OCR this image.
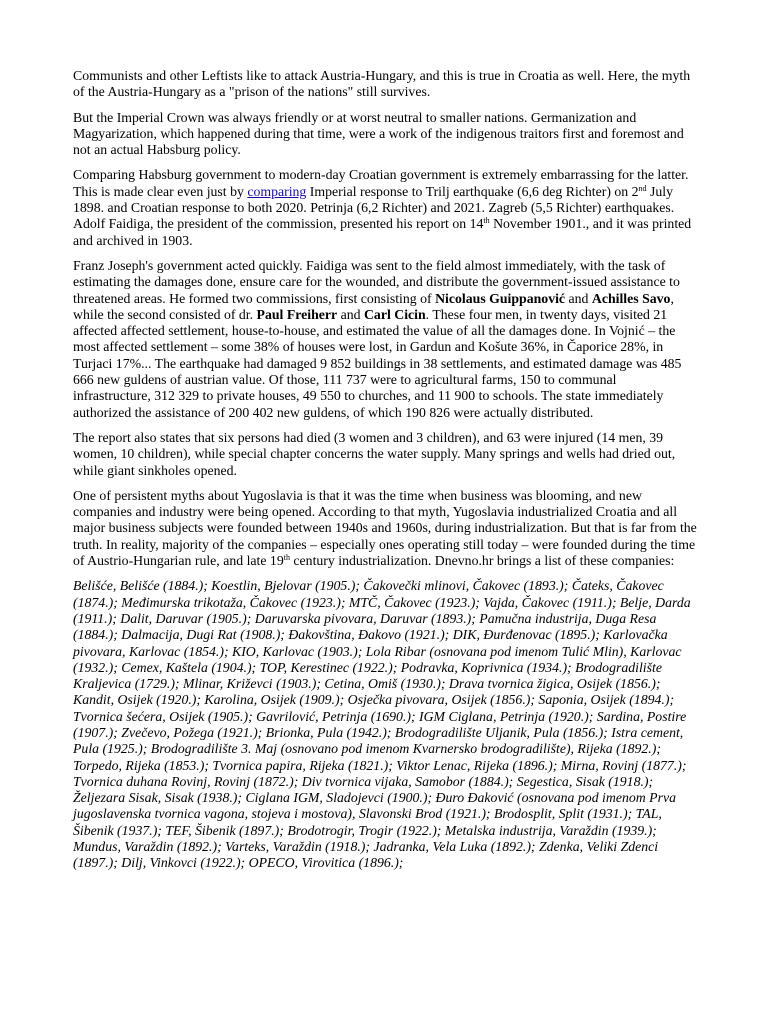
Communists and other Leftists like to attack Austria-Hungary, and this is true in Croatia as well. Here, the myth of the Austria-Hungary as a "prison of the nations" still survives.

But the Imperial Crown was always friendly or at worst neutral to smaller nations. Germanization and Magyarization, which happened during that time, were a work of the indigenous traitors first and foremost and not an actual Habsburg policy.

Comparing Habsburg government to modern-day Croatian government is extremely embarrassing for the latter. This is made clear even just by comparing Imperial response to Trilj earthquake (6,6 deg Richter) on 2nd July 1898. and Croatian response to both 2020. Petrinja (6,2 Richter) and 2021. Zagreb (5,5 Richter) earthquakes. Adolf Faidiga, the president of the commission, presented his report on 14th November 1901., and it was printed and archived in 1903.

Franz Joseph's government acted quickly. Faidiga was sent to the field almost immediately, with the task of estimating the damages done, ensure care for the wounded, and distribute the government-issued assistance to threatened areas. He formed two commissions, first consisting of Nicolaus Guippanović and Achilles Savo, while the second consisted of dr. Paul Freiherr and Carl Cicin. These four men, in twenty days, visited 21 affected affected settlement, house-to-house, and estimated the value of all the damages done. In Vojnić – the most affected settlement – some 38% of houses were lost, in Gardun and Košute 36%, in Čaporice 28%, in Turjaci 17%... The earthquake had damaged 9 852 buildings in 38 settlements, and estimated damage was 485 666 new guldens of austrian value. Of those, 111 737 were to agricultural farms, 150 to communal infrastructure, 312 329 to private houses, 49 550 to churches, and 11 900 to schools. The state immediately authorized the assistance of 200 402 new guldens, of which 190 826 were actually distributed.

The report also states that six persons had died (3 women and 3 children), and 63 were injured (14 men, 39 women, 10 children), while special chapter concerns the water supply. Many springs and wells had dried out, while giant sinkholes opened.

One of persistent myths about Yugoslavia is that it was the time when business was blooming, and new companies and industry were being opened. According to that myth, Yugoslavia industrialized Croatia and all major business subjects were founded between 1940s and 1960s, during industrialization. But that is far from the truth. In reality, majority of the companies – especially ones operating still today – were founded during the time of Austrio-Hungarian rule, and late 19th century industrialization. Dnevno.hr brings a list of these companies:

Belišće, Belišće (1884.); Koestlin, Bjelovar (1905.); Čakovečki mlinovi, Čakovec (1893.); Čateks, Čakovec (1874.); Međimurska trikotaža, Čakovec (1923.); MTČ, Čakovec (1923.); Vajda, Čakovec (1911.); Belje, Darda (1911.); Dalit, Daruvar (1905.); Daruvarska pivovara, Daruvar (1893.); Pamučna industrija, Duga Resa (1884.); Dalmacija, Dugi Rat (1908.); Đakovština, Đakovo (1921.); DIK, Đurđenovac (1895.); Karlovačka pivovara, Karlovac (1854.); KIO, Karlovac (1903.); Lola Ribar (osnovana pod imenom Tulić Mlin), Karlovac (1932.); Cemex, Kaštela (1904.); TOP, Kerestinec (1922.); Podravka, Koprivnica (1934.); Brodogradilište Kraljevica (1729.); Mlinar, Križevci (1903.); Cetina, Omiš (1930.); Drava tvornica žigica, Osijek (1856.); Kandit, Osijek (1920.); Karolina, Osijek (1909.); Osječka pivovara, Osijek (1856.); Saponia, Osijek (1894.); Tvornica šećera, Osijek (1905.); Gavrilović, Petrinja (1690.); IGM Ciglana, Petrinja (1920.); Sardina, Postire (1907.); Zvečevo, Požega (1921.); Brionka, Pula (1942.); Brodogradilište Uljanik, Pula (1856.); Istra cement, Pula (1925.); Brodogradilište 3. Maj (osnovano pod imenom Kvarnersko brodogradilište), Rijeka (1892.); Torpedo, Rijeka (1853.); Tvornica papira, Rijeka (1821.); Viktor Lenac, Rijeka (1896.); Mirna, Rovinj (1877.); Tvornica duhana Rovinj, Rovinj (1872.); Div tvornica vijaka, Samobor (1884.); Segestica, Sisak (1918.); Željezara Sisak, Sisak (1938.); Ciglana IGM, Sladojevci (1900.); Đuro Đaković (osnovana pod imenom Prva jugoslavenska tvornica vagona, stojeva i mostova), Slavonski Brod (1921.); Brodosplit, Split (1931.); TAL, Šibenik (1937.); TEF, Šibenik (1897.); Brodotrogir, Trogir (1922.); Metalska industrija, Varaždin (1939.); Mundus, Varaždin (1892.); Varteks, Varaždin (1918.); Jadranka, Vela Luka (1892.); Zdenka, Veliki Zdenci (1897.); Dilj, Vinkovci (1922.); OPECO, Virovitica (1896.);
